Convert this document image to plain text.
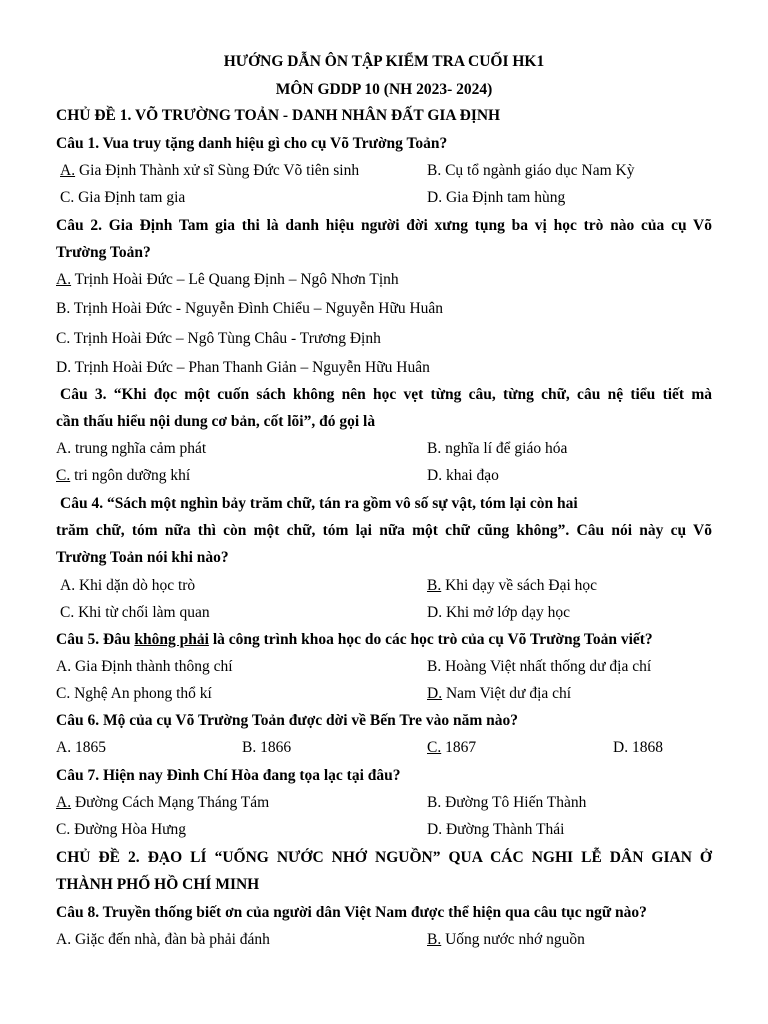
HƯỚNG DẪN ÔN TẬP KIỂM TRA CUỐI HK1
MÔN GDDP 10 (NH 2023- 2024)
CHỦ ĐỀ 1. VÕ TRƯỜNG TOẢN - DANH NHÂN ĐẤT GIA ĐỊNH
Câu 1. Vua truy tặng danh hiệu gì cho cụ Võ Trường Toản?
A. Gia Định Thành xử sĩ Sùng Đức Võ tiên sinh	B. Cụ tổ ngành giáo dục Nam Kỳ
C. Gia Định tam gia	D. Gia Định tam hùng
Câu 2. Gia Định Tam gia thi là danh hiệu người đời xưng tụng ba vị học trò nào của cụ Võ
Trường Toản?
A. Trịnh Hoài Đức – Lê Quang Định – Ngô Nhơn Tịnh
B. Trịnh Hoài Đức - Nguyễn Đình Chiểu – Nguyễn Hữu Huân
C. Trịnh Hoài Đức – Ngô Tùng Châu - Trương Định
D. Trịnh Hoài Đức – Phan Thanh Giản – Nguyễn Hữu Huân
Câu 3. “Khi đọc một cuốn sách không nên học vẹt từng câu, từng chữ, câu nệ tiểu tiết mà
cần thấu hiểu nội dung cơ bản, cốt lõi”, đó gọi là
A. trung nghĩa cảm phát	B. nghĩa lí để giáo hóa
C. tri ngôn dưỡng khí	D. khai đạo
Câu 4. “Sách một nghìn bảy trăm chữ, tán ra gồm vô số sự vật, tóm lại còn hai
trăm chữ, tóm nữa thì còn một chữ, tóm lại nữa một chữ cũng không”. Câu nói này cụ Võ
Trường Toản nói khi nào?
A. Khi dặn dò học trò	B. Khi dạy về sách Đại học
C. Khi từ chối làm quan	D. Khi mở lớp dạy học
Câu 5. Đâu không phải là công trình khoa học do các học trò của cụ Võ Trường Toản viết?
A. Gia Định thành thông chí	B. Hoàng Việt nhất thống dư địa chí
C. Nghệ An phong thổ kí	D. Nam Việt dư địa chí
Câu 6. Mộ của cụ Võ Trường Toản được dời về Bến Tre vào năm nào?
A. 1865	B. 1866	C. 1867	D. 1868
Câu 7. Hiện nay Đình Chí Hòa đang tọa lạc tại đâu?
A. Đường Cách Mạng Tháng Tám	B. Đường Tô Hiến Thành
C. Đường Hòa Hưng	D. Đường Thành Thái
CHỦ ĐỀ 2. ĐẠO LÍ “UỐNG NƯỚC NHỚ NGUỒN” QUA CÁC NGHI LỄ DÂN GIAN Ở
THÀNH PHỐ HỒ CHÍ MINH
Câu 8. Truyền thống biết ơn của người dân Việt Nam được thể hiện qua câu tục ngữ nào?
A. Giặc đến nhà, đàn bà phải đánh	B. Uống nước nhớ nguồn
